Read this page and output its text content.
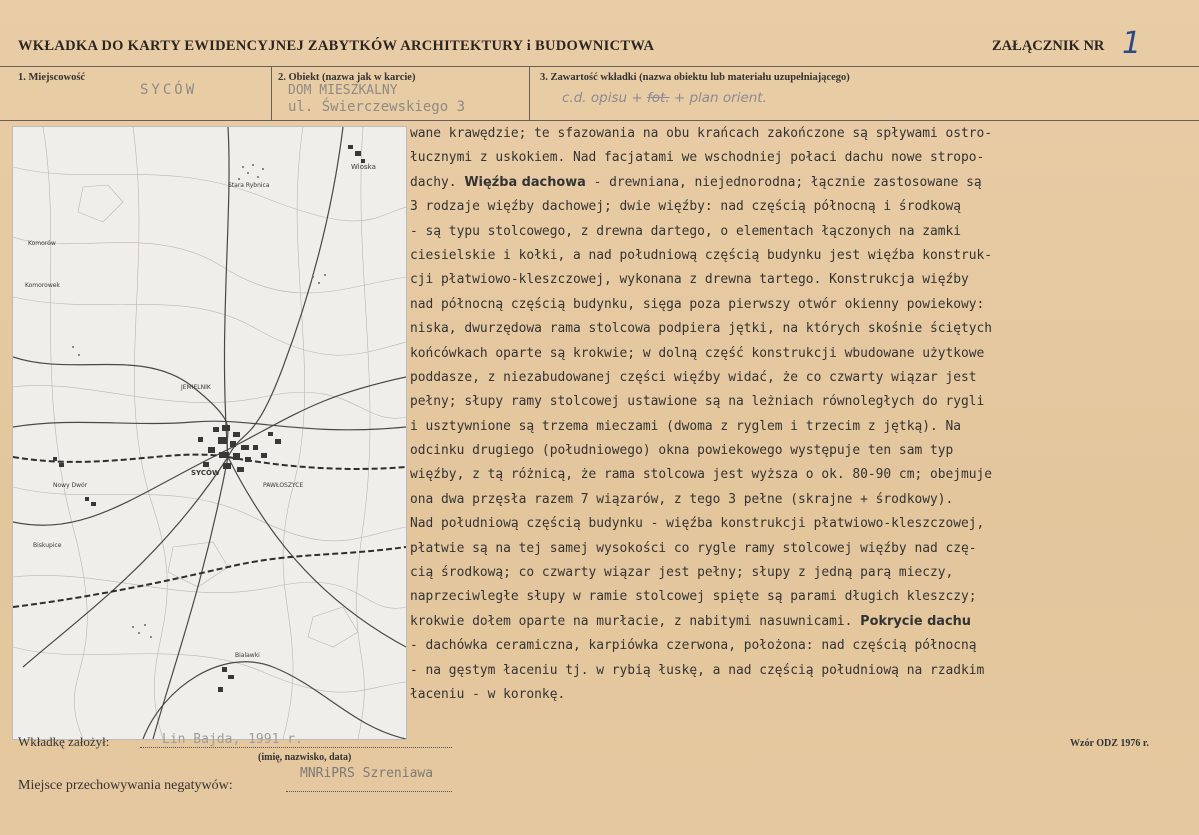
WKŁADKA DO KARTY EWIDENCYJNEJ ZABYTKÓW ARCHITEKTURY i BUDOWNICTWA	ZAŁĄCZNIK NR 1
1. Miejscowość
SYCÓW
2. Obiekt (nazwa jak w karcie)
DOM MIESZKALNY
ul. Świerczewskiego 3
3. Zawartość wkładki (nazwa obiektu lub materiału uzupełniającego)
c.d. opisu + fot. + plan orient.
Wioska
SYCÓW
JEMIELNIK
PAWŁOSZYCE
Nowy Dwór
Biskupice
Komorów
Bialawki
Stara Rybnica
Komorowek
wane krawędzie; te sfazowania na obu krańcach zakończone są spływami ostro-
łucznymi z uskokiem. Nad facjatami we wschodniej połaci dachu nowe stropo-
dachy. Więźba dachowa - drewniana, niejednorodna; łącznie zastosowane są
3 rodzaje więźby dachowej; dwie więźby: nad częścią północną i środkową
- są typu stolcowego, z drewna dartego, o elementach łączonych na zamki
ciesielskie i kołki, a nad południową częścią budynku jest więźba konstruk-
cji płatwiowo-kleszczowej, wykonana z drewna tartego. Konstrukcja więźby
nad północną częścią budynku, sięga poza pierwszy otwór okienny powiekowy:
niska, dwurzędowa rama stolcowa podpiera jętki, na których skośnie ściętych
końcówkach oparte są krokwie; w dolną część konstrukcji wbudowane użytkowe
poddasze, z niezabudowanej części więźby widać, że co czwarty wiązar jest
pełny; słupy ramy stolcowej ustawione są na leżniach równoległych do rygli
i usztywnione są trzema mieczami (dwoma z ryglem i trzecim z jętką). Na
odcinku drugiego (południowego) okna powiekowego występuje ten sam typ
więźby, z tą różnicą, że rama stolcowa jest wyższa o ok. 80-90 cm; obejmuje
ona dwa przęsła razem 7 wiązarów, z tego 3 pełne (skrajne + środkowy).
Nad południową częścią budynku - więźba konstrukcji płatwiowo-kleszczowej,
płatwie są na tej samej wysokości co rygle ramy stolcowej więźby nad czę-
cią środkową; co czwarty wiązar jest pełny; słupy z jedną parą mieczy,
naprzeciwległe słupy w ramie stolcowej spięte są parami długich kleszczy;
krokwie dołem oparte na murłacie, z nabitymi nasuwnicami. Pokrycie dachu
- dachówka ceramiczna, karpiówka czerwona, położona: nad częścią północną
- na gęstym łaceniu tj. w rybią łuskę, a nad częścią południową na rzadkim
łaceniu - w koronkę.
Wkładkę założył:	Lin Bajda, 1991 r.
(imię, nazwisko, data)
Miejsce przechowywania negatywów:
MNRiPRS Szreniawa
Wzór ODZ 1976 r.
